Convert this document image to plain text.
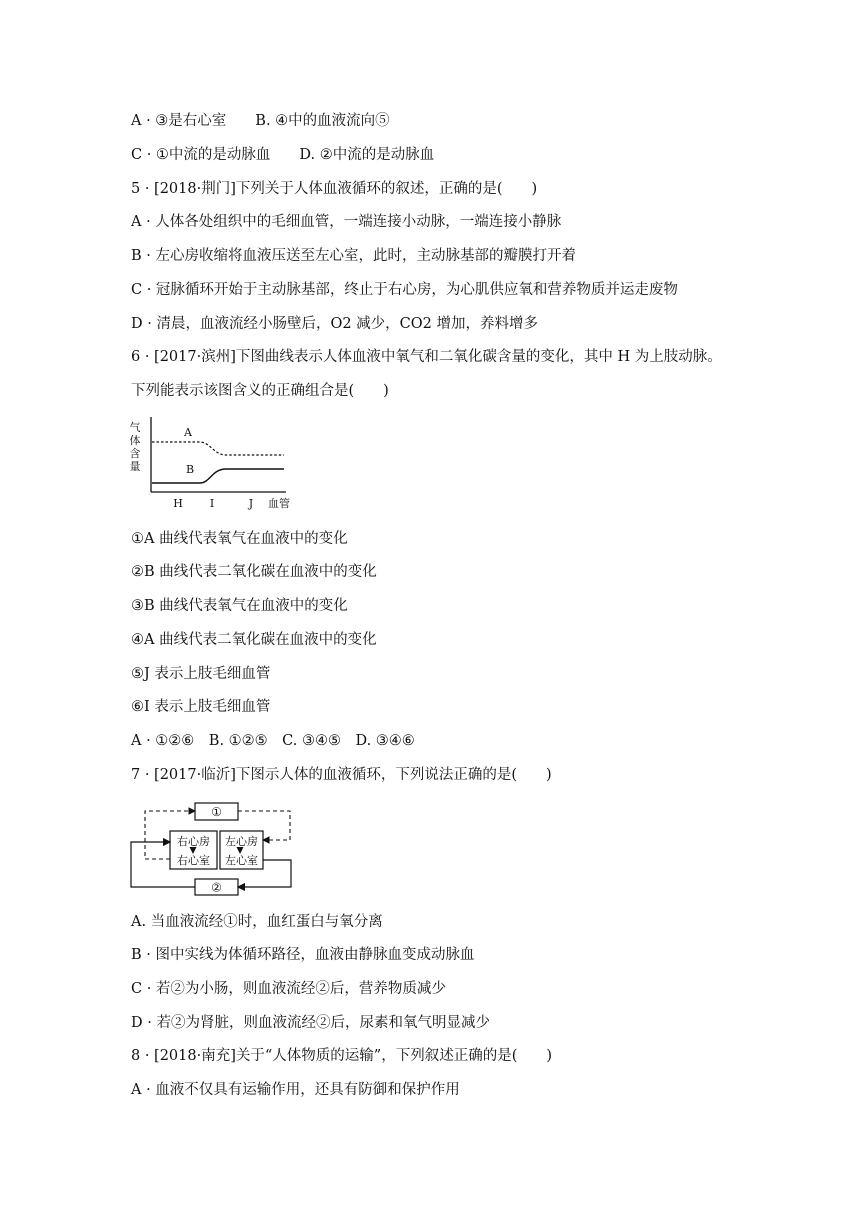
A · ③是右心室　　B. ④中的血液流向⑤
C · ①中流的是动脉血　　D. ②中流的是动脉血
5 · [2018·荆门]下列关于人体血液循环的叙述，正确的是(　　)
A · 人体各处组织中的毛细血管，一端连接小动脉，一端连接小静脉
B · 左心房收缩将血液压送至左心室，此时，主动脉基部的瓣膜打开着
C · 冠脉循环开始于主动脉基部，终止于右心房，为心肌供应氧和营养物质并运走废物
D · 清晨，血液流经小肠壁后，O2 减少，CO2 增加，养料增多
6 · [2017·滨州]下图曲线表示人体血液中氧气和二氧化碳含量的变化，其中 H 为上肢动脉。
下列能表示该图含义的正确组合是(　　)
气
体
含
量
A
B
H I	J 血管
①A 曲线代表氧气在血液中的变化
②B 曲线代表二氧化碳在血液中的变化
③B 曲线代表氧气在血液中的变化
④A 曲线代表二氧化碳在血液中的变化
⑤J 表示上肢毛细血管
⑥I 表示上肢毛细血管
A · ①②⑥　B. ①②⑤　C. ③④⑤　D. ③④⑥
7 · [2017·临沂]下图示人体的血液循环，下列说法正确的是(　　)
①
②
右心房 左心房
右心室 左心室
A. 当血液流经①时，血红蛋白与氧分离
B · 图中实线为体循环路径，血液由静脉血变成动脉血
C · 若②为小肠，则血液流经②后，营养物质减少
D · 若②为肾脏，则血液流经②后，尿素和氧气明显减少
8 · [2018·南充]关于“人体物质的运输”，下列叙述正确的是(　　)
A · 血液不仅具有运输作用，还具有防御和保护作用
